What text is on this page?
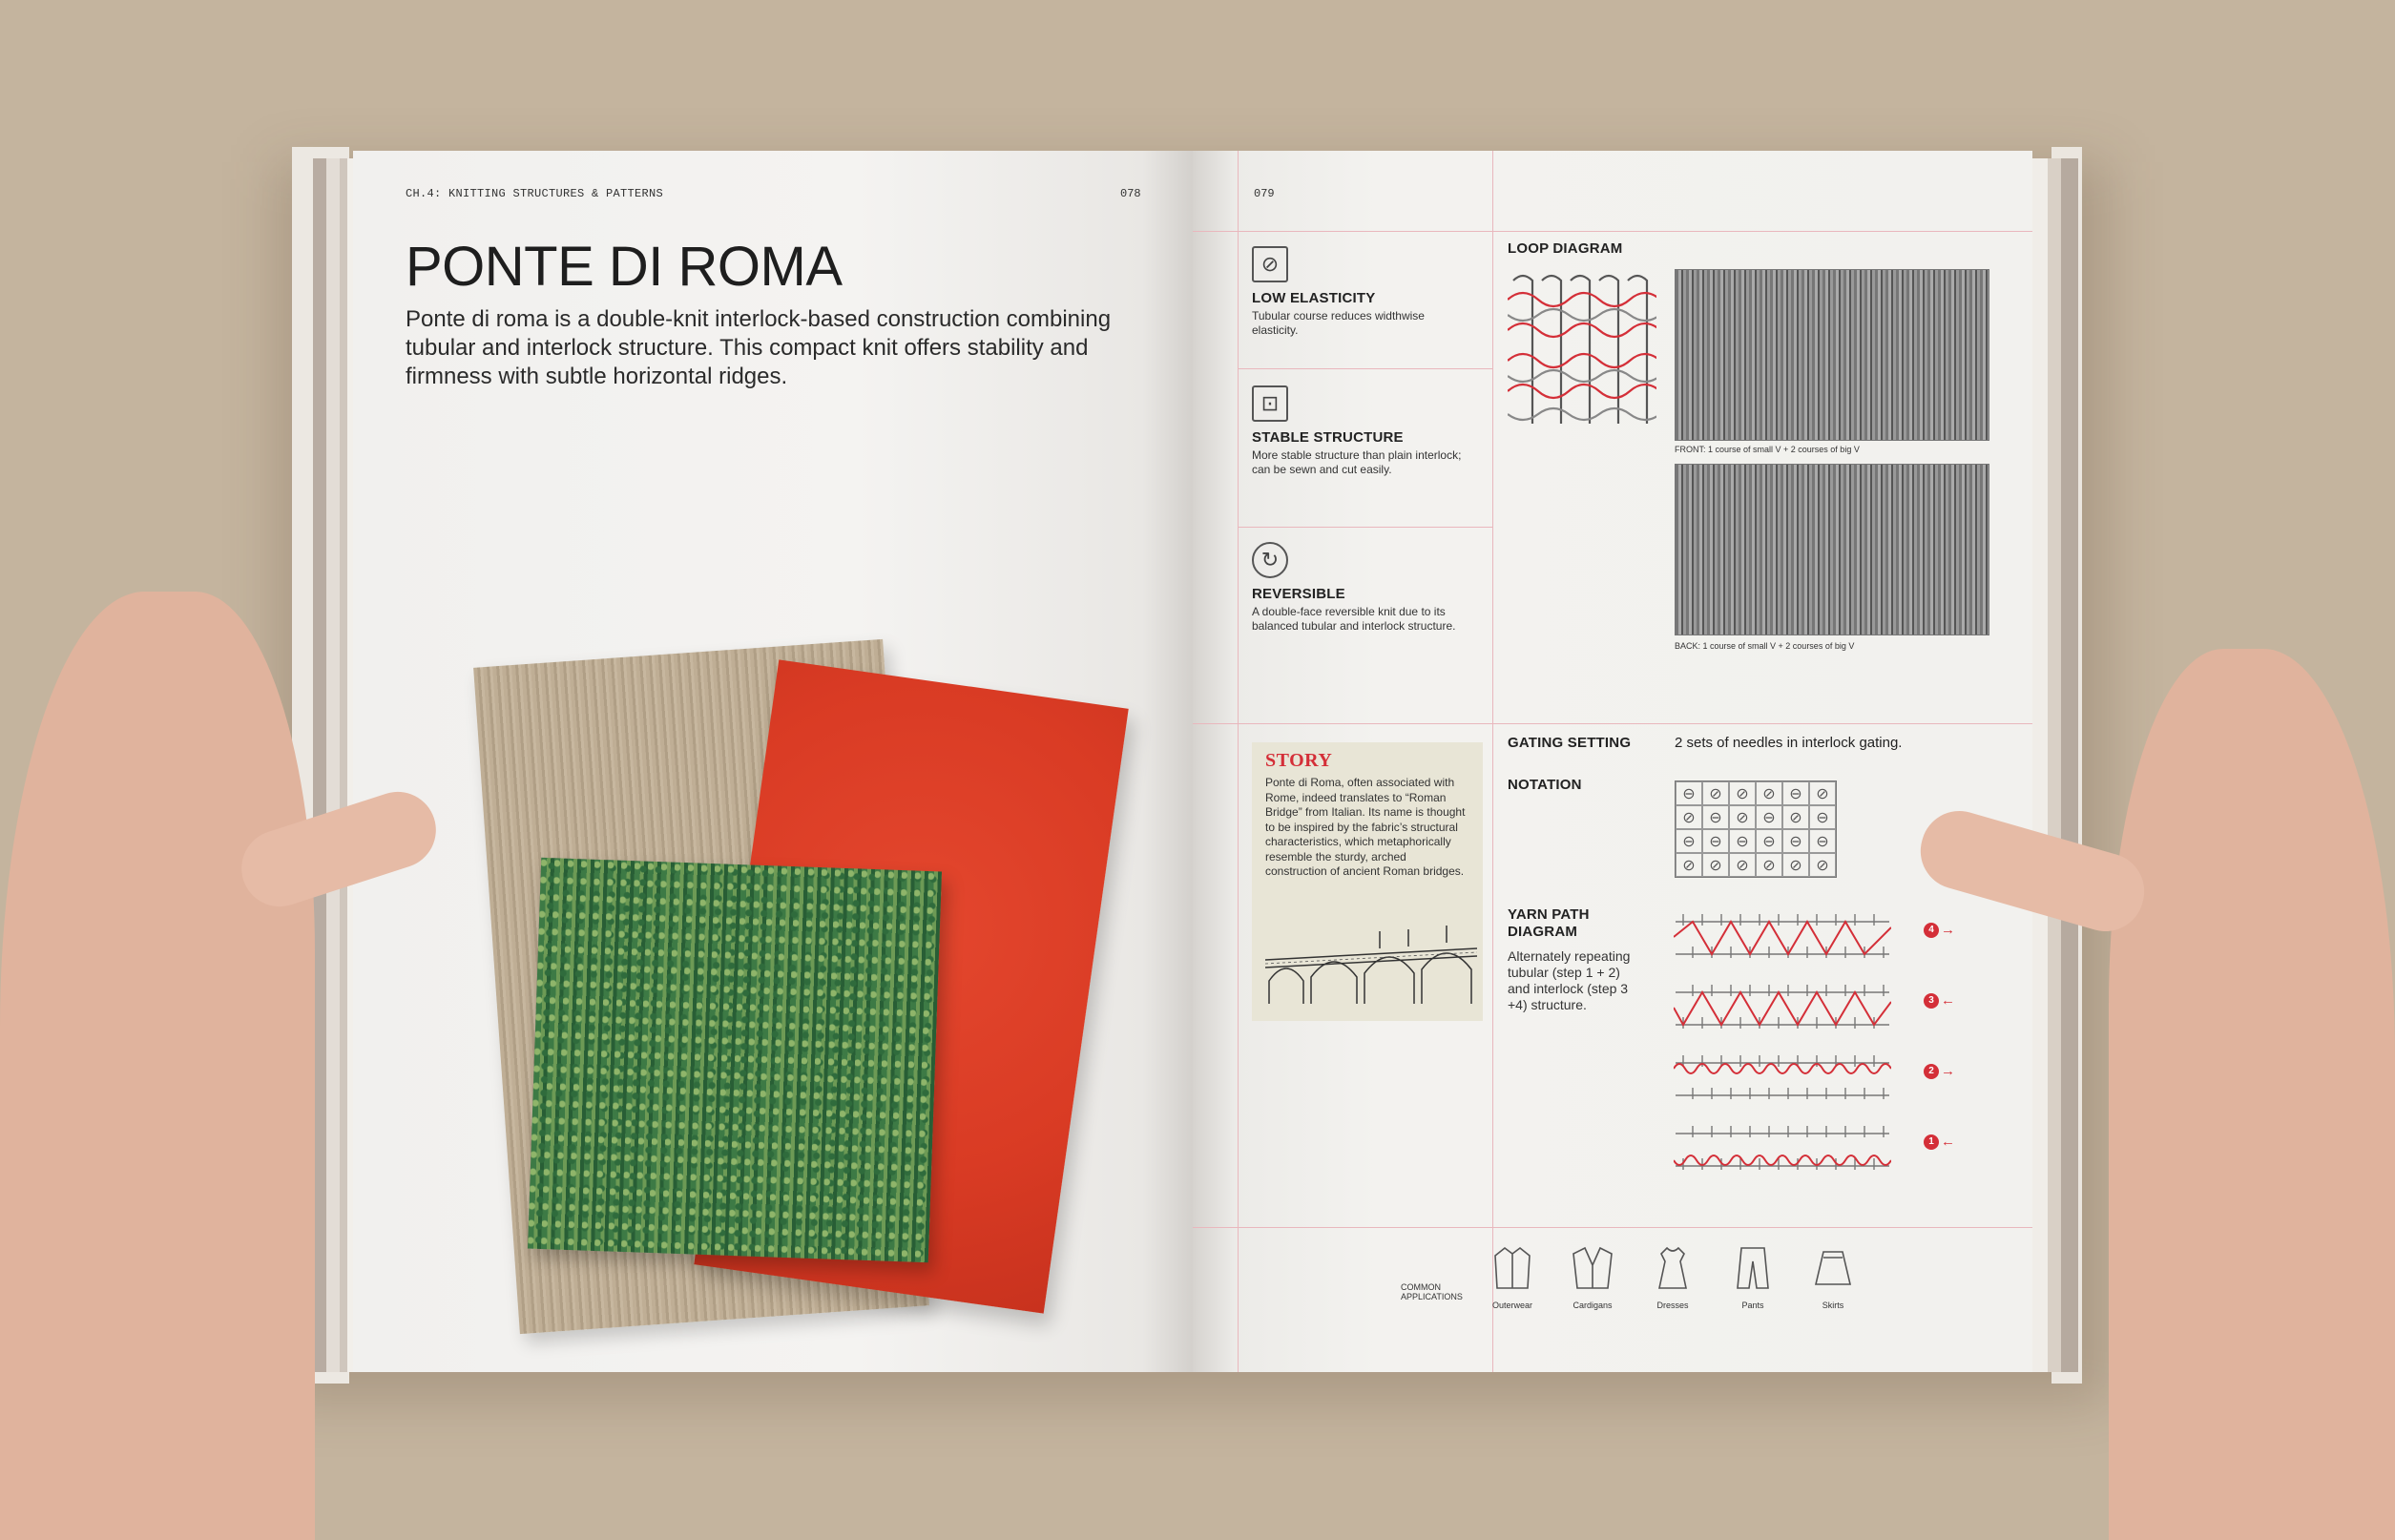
CH.4: KNITTING STRUCTURES & PATTERNS	078
PONTE DI ROMA

Ponte di roma is a double-knit interlock-based construction combining tubular and interlock structure. This compact knit offers stability and firmness with subtle horizontal ridges.

079
⊘
LOW ELASTICITY
Tubular course reduces widthwise elasticity.
⊡
STABLE STRUCTURE
More stable structure than plain interlock; can be sewn and cut easily.
↻
REVERSIBLE
A double-face reversible knit due to its balanced tubular and interlock structure.
LOOP DIAGRAM
FRONT: 1 course of small V + 2 courses of big V
BACK: 1 course of small V + 2 courses of big V
STORY
Ponte di Roma, often associated with Rome, indeed translates to “Roman Bridge” from Italian. Its name is thought to be inspired by the fabric’s structural characteristics, which metaphorically resemble the sturdy, arched construction of ancient Roman bridges.
GATING SETTING	2 sets of needles in interlock gating.
NOTATION
⊖ ⊘ ⊘ ⊘ ⊖ ⊘
⊘ ⊖ ⊘ ⊖ ⊘ ⊖
⊖ ⊖ ⊖ ⊖ ⊖ ⊖
⊘ ⊘ ⊘ ⊘ ⊘ ⊘
YARN PATH DIAGRAM
Alternately repeating tubular (step 1 + 2) and interlock (step 3 +4) structure.
4 →
3 ←
2 →
1 ←
COMMON APPLICATIONS
Outerwear	Cardigans	Dresses	Pants	Skirts
